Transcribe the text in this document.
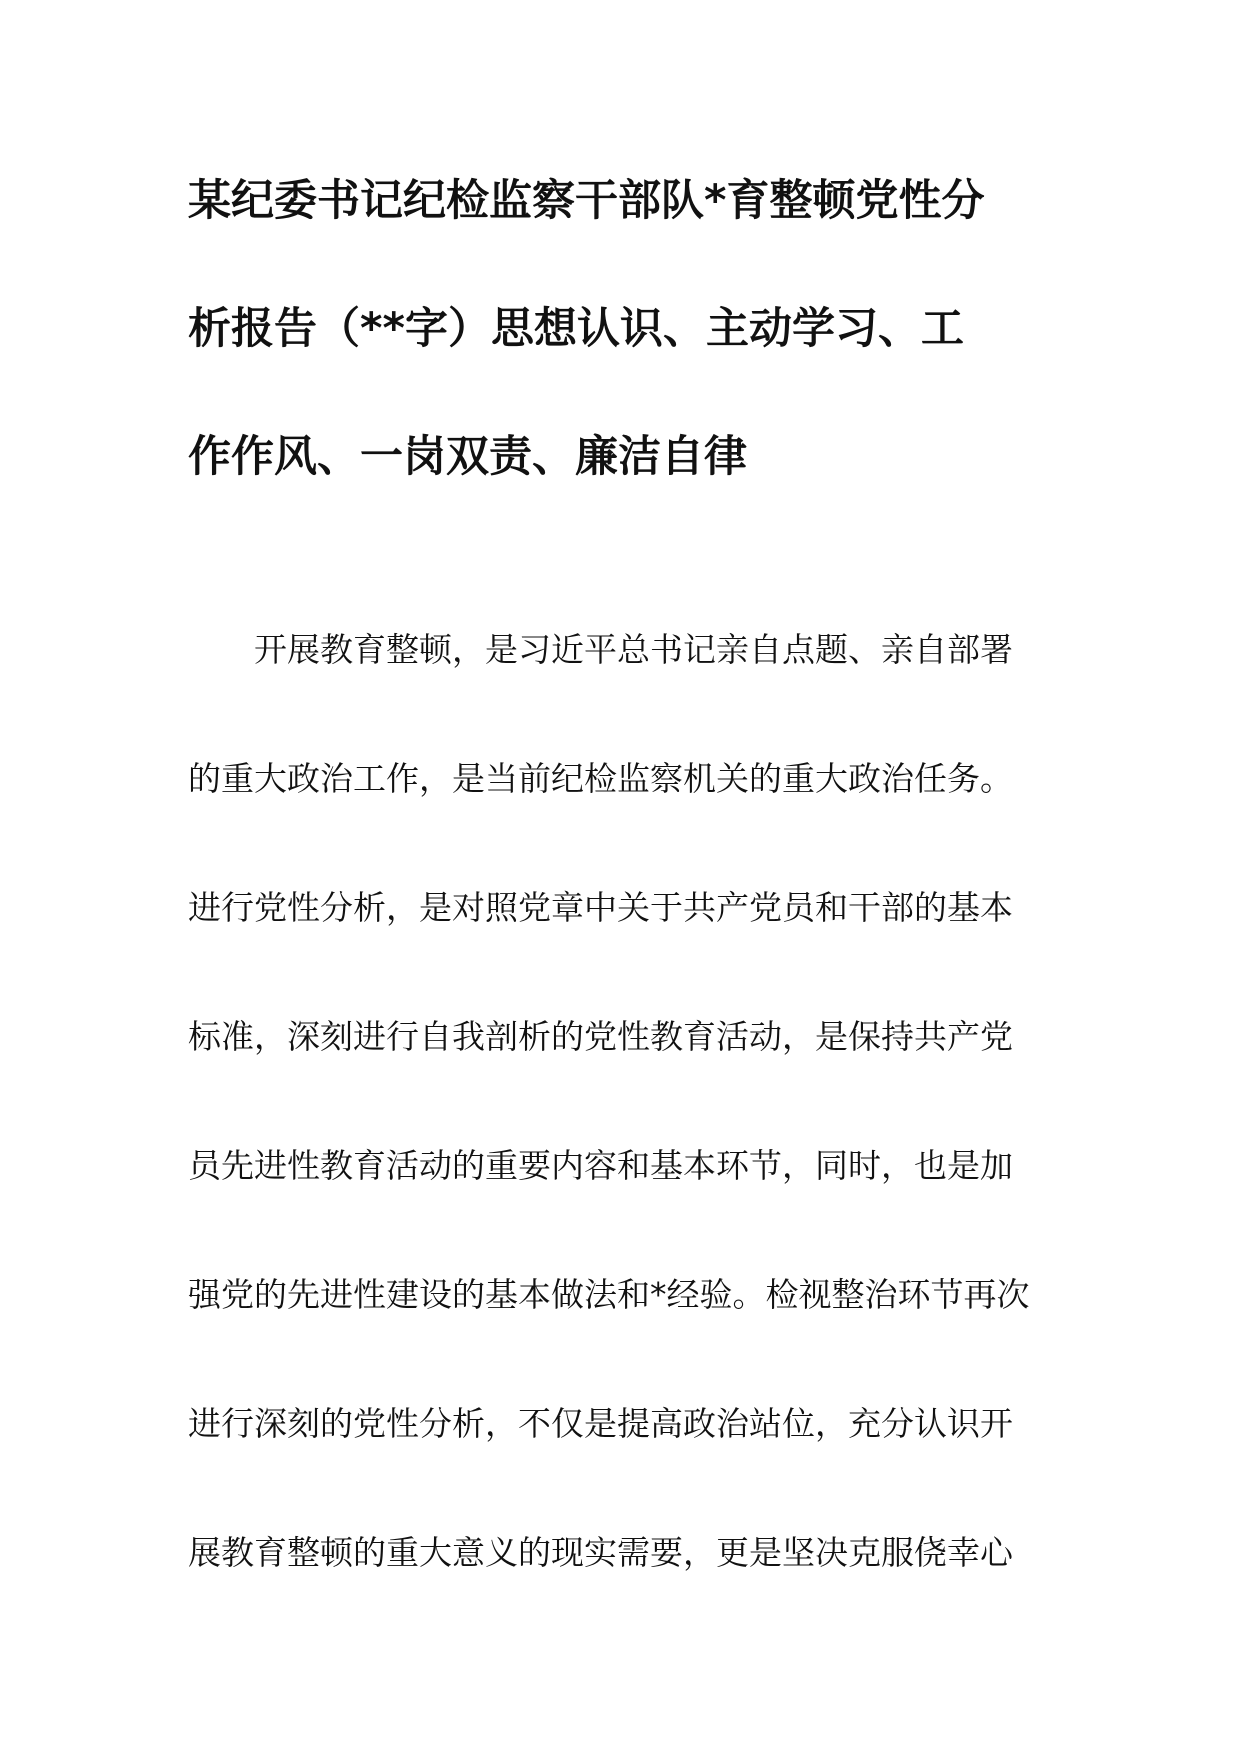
某纪委书记纪检监察干部队*育整顿党性分
析报告（**字）思想认识、主动学习、工
作作风、一岗双责、廉洁自律
开展教育整顿，是习近平总书记亲自点题、亲自部署
的重大政治工作，是当前纪检监察机关的重大政治任务。
进行党性分析，是对照党章中关于共产党员和干部的基本
标准，深刻进行自我剖析的党性教育活动，是保持共产党
员先进性教育活动的重要内容和基本环节，同时，也是加
强党的先进性建设的基本做法和*经验。检视整治环节再次
进行深刻的党性分析，不仅是提高政治站位，充分认识开
展教育整顿的重大意义的现实需要，更是坚决克服侥幸心
